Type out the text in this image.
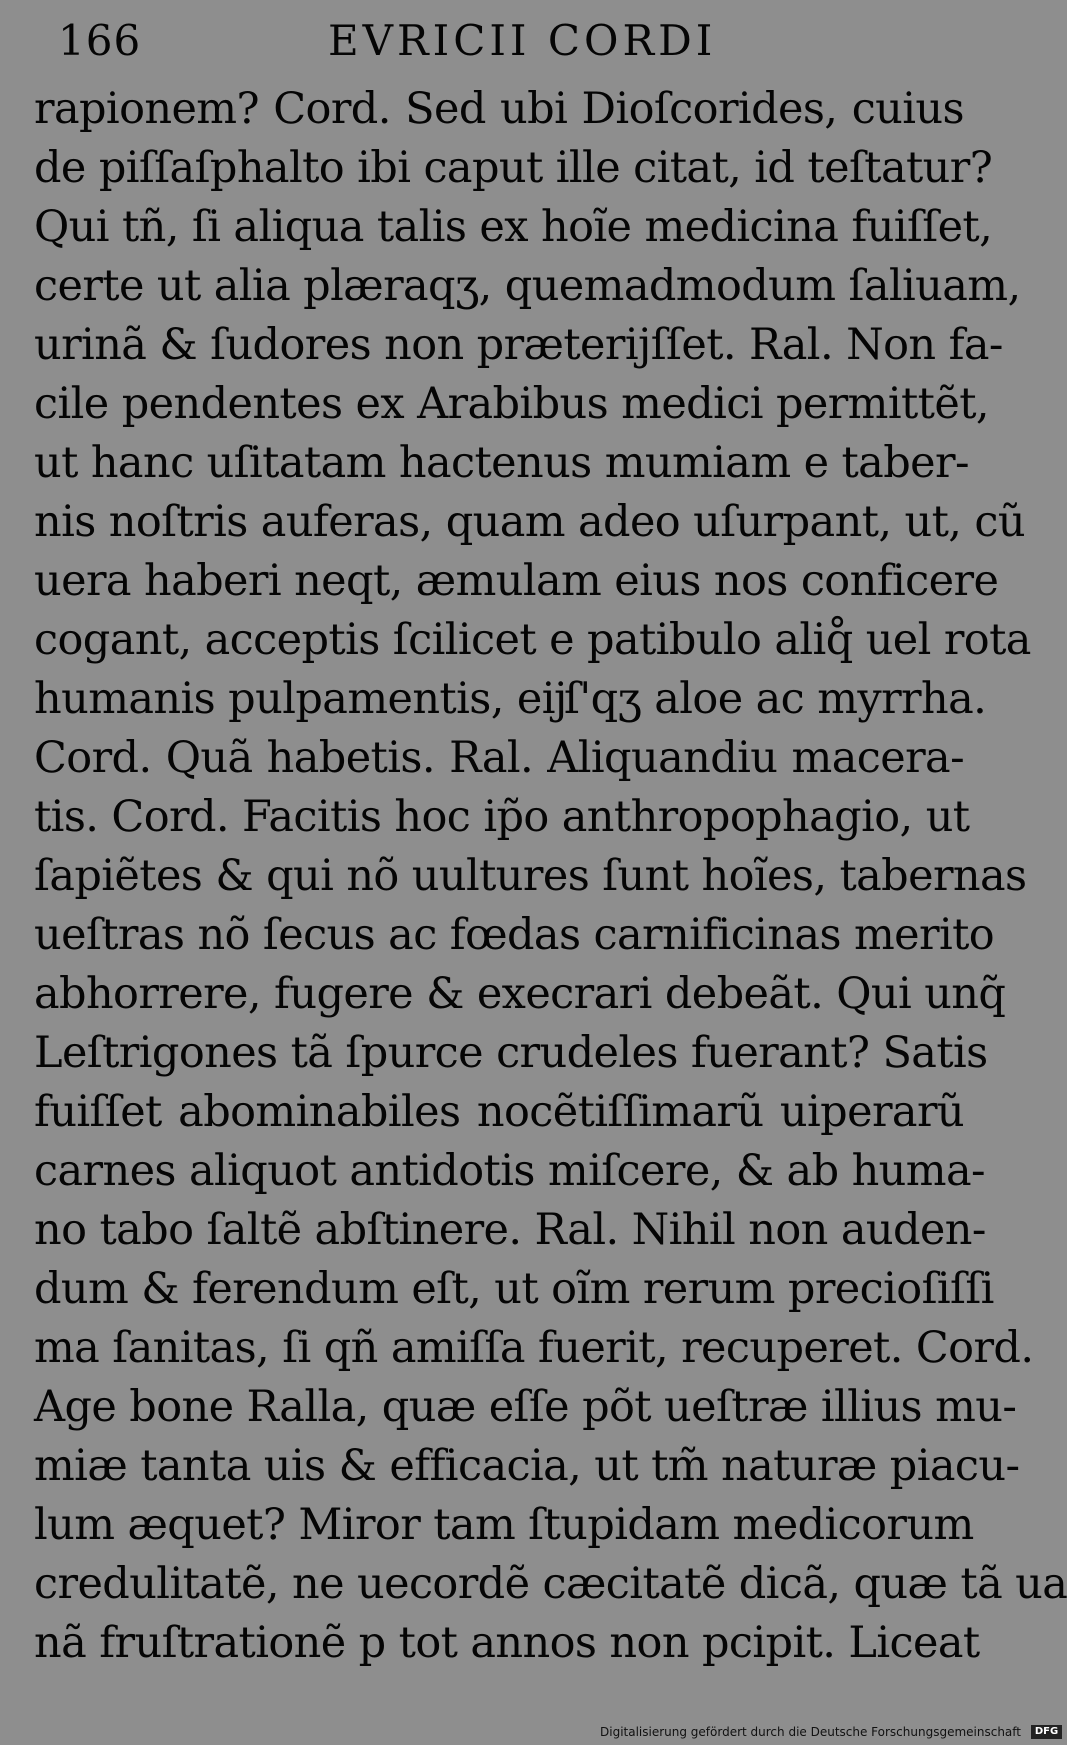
166	EVRICII CORDI
rapionem? Cord. Sed ubi Dioſcorides, cuius
de piſſaſphalto ibi caput ille citat, id teſtatur?
Qui tñ, ſi aliqua talis ex hoĩe medicina fuiſſet,
certe ut alia plæraqʒ, quemadmodum ſaliuam,
urinã & ſudores non præterijſſet. Ral. Non fa-
cile pendentes ex Arabibus medici permittẽt,
ut hanc uſitatam hactenus mumiam e taber-
nis noſtris auferas, quam adeo uſurpant, ut, cũ
uera haberi neqt, æmulam eius nos conficere
cogant, acceptis ſcilicet e patibulo aliq̊ uel rota
humanis pulpamentis, eĳſ'qʒ aloe ac myrrha.
Cord. Quã habetis. Ral. Aliquandiu macera-
tis. Cord. Facitis hoc ip̃o anthropophagio, ut
ſapiẽtes & qui nõ uultures ſunt hoĩes, tabernas
ueſtras nõ ſecus ac fœdas carnificinas merito
abhorrere, fugere & execrari debeãt. Qui unq̃
Leſtrigones tã ſpurce crudeles fuerant? Satis
fuiſſet abominabiles nocẽtiſſimarũ uiperarũ
carnes aliquot antidotis miſcere, & ab huma-
no tabo ſaltẽ abſtinere. Ral. Nihil non auden-
dum & ferendum eſt, ut oĩm rerum precioſiſſi
ma ſanitas, ſi qñ amiſſa fuerit, recuperet. Cord.
Age bone Ralla, quæ eſſe põt ueſtræ illius mu-
miæ tanta uis & efficacia, ut tm̃ naturæ piacu-
lum æquet? Miror tam ſtupidam medicorum
credulitatẽ, ne uecordẽ cæcitatẽ dicã, quæ tã ua
nã fruſtrationẽ p tot annos non pcipit. Liceat
Digitalisierung gefördert durch die Deutsche Forschungsgemeinschaft DFG
